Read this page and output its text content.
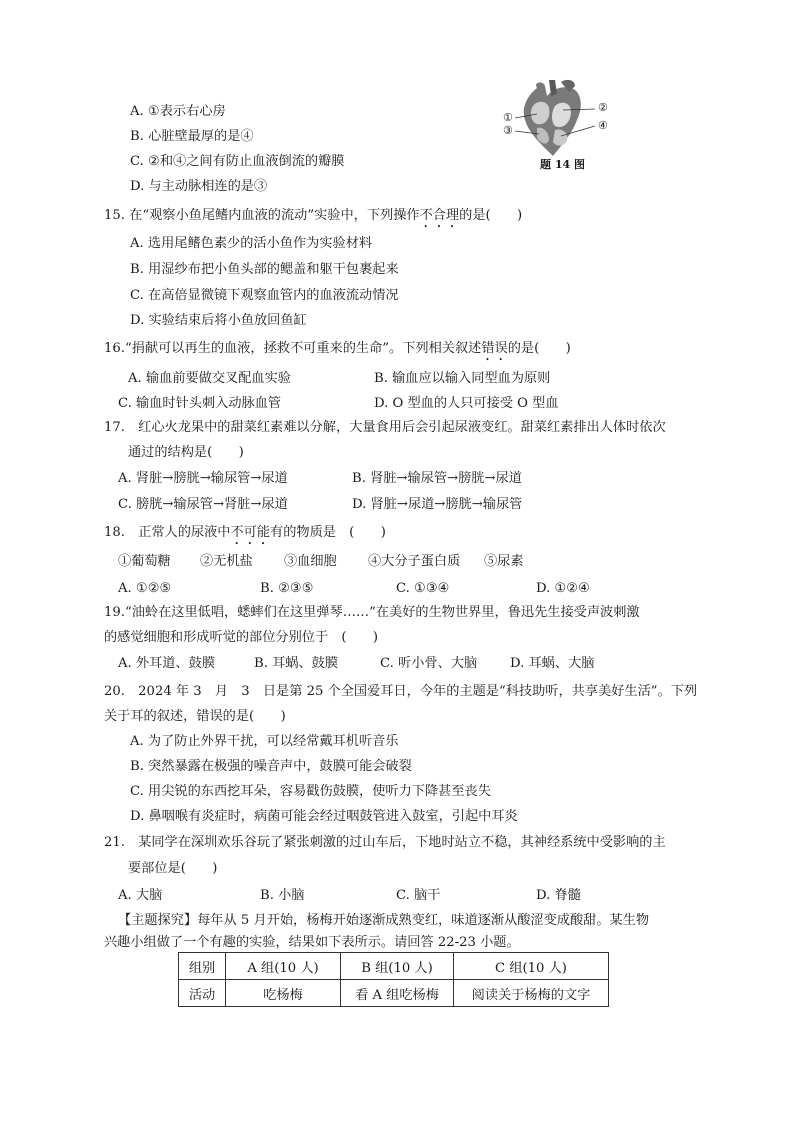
A. ①表示右心房
B. 心脏壁最厚的是④
C. ②和④之间有防止血液倒流的瓣膜
D. 与主动脉相连的是③
①
②
③	④
题 14 图
15. 在“观察小鱼尾鳍内血液的流动”实验中，下列操作不合理的是(　　)
A. 选用尾鳍色素少的活小鱼作为实验材料
B. 用湿纱布把小鱼头部的鳃盖和躯干包裹起来
C. 在高倍显微镜下观察血管内的血液流动情况
D. 实验结束后将小鱼放回鱼缸
16.“捐献可以再生的血液，拯救不可重来的生命”。下列相关叙述错误的是(　　)
A. 输血前要做交叉配血实验	B. 输血应以输入同型血为原则
C. 输血时针头刺入动脉血管	D. O 型血的人只可接受 O 型血
17.　红心火龙果中的甜菜红素难以分解，大量食用后会引起尿液变红。甜菜红素排出人体时依次
通过的结构是(　　)
A. 肾脏→膀胱→输尿管→尿道	B. 肾脏→输尿管→膀胱→尿道
C. 膀胱→输尿管→肾脏→尿道	D. 肾脏→尿道→膀胱→输尿管
18.　正常人的尿液中不可能有的物质是　(　　)
①葡萄糖 ②无机盐 ③血细胞 ④大分子蛋白质 ⑤尿素
A. ①②⑤	B. ②③⑤	C. ①③④	D. ①②④
19.“油蛉在这里低唱，蟋蟀们在这里弹琴……”在美好的生物世界里，鲁迅先生接受声波刺激
的感觉细胞和形成听觉的部位分别位于　(　　)
A. 外耳道、鼓膜	B. 耳蜗、鼓膜	C. 听小骨、大脑 D. 耳蜗、大脑
20.　2024 年 3　月　3　日是第 25 个全国爱耳日，今年的主题是“科技助听，共享美好生活”。下列
关于耳的叙述，错误的是(　　)
A. 为了防止外界干扰，可以经常戴耳机听音乐
B. 突然暴露在极强的噪音声中，鼓膜可能会破裂
C. 用尖锐的东西挖耳朵，容易戳伤鼓膜，使听力下降甚至丧失
D. 鼻咽喉有炎症时，病菌可能会经过咽鼓管进入鼓室，引起中耳炎
21.　某同学在深圳欢乐谷玩了紧张刺激的过山车后，下地时站立不稳，其神经系统中受影响的主
要部位是(　　)
A. 大脑	B. 小脑	C. 脑干	D. 脊髓
【主题探究】每年从 5 月开始，杨梅开始逐渐成熟变红，味道逐渐从酸涩变成酸甜。某生物
兴趣小组做了一个有趣的实验，结果如下表所示。请回答 22-23 小题。
组别	A 组(10 人)	B 组(10 人)	C 组(10 人)
活动	吃杨梅	看 A 组吃杨梅	阅读关于杨梅的文字
